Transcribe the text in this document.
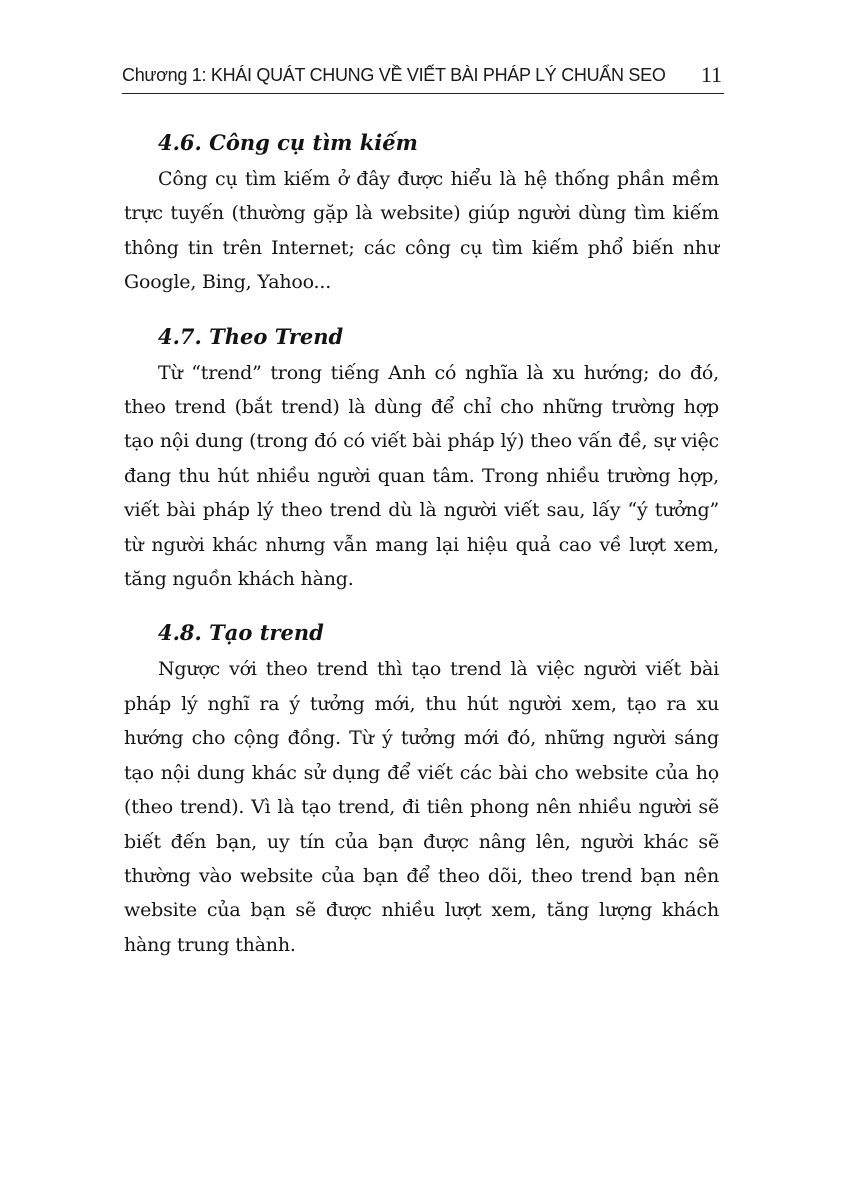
Chương 1: KHÁI QUÁT CHUNG VỀ VIẾT BÀI PHÁP LÝ CHUẨN SEO 11
4.6. Công cụ tìm kiếm

Công cụ tìm kiếm ở đây được hiểu là hệ thống phần mềm trực tuyến (thường gặp là website) giúp người dùng tìm kiếm thông tin trên Internet; các công cụ tìm kiếm phổ biến như Google, Bing, Yahoo...

4.7. Theo Trend

Từ “trend” trong tiếng Anh có nghĩa là xu hướng; do đó, theo trend (bắt trend) là dùng để chỉ cho những trường hợp tạo nội dung (trong đó có viết bài pháp lý) theo vấn đề, sự việc đang thu hút nhiều người quan tâm. Trong nhiều trường hợp, viết bài pháp lý theo trend dù là người viết sau, lấy “ý tưởng” từ người khác nhưng vẫn mang lại hiệu quả cao về lượt xem, tăng nguồn khách hàng.

4.8. Tạo trend

Ngược với theo trend thì tạo trend là việc người viết bài pháp lý nghĩ ra ý tưởng mới, thu hút người xem, tạo ra xu hướng cho cộng đồng. Từ ý tưởng mới đó, những người sáng tạo nội dung khác sử dụng để viết các bài cho website của họ (theo trend). Vì là tạo trend, đi tiên phong nên nhiều người sẽ biết đến bạn, uy tín của bạn được nâng lên, người khác sẽ thường vào website của bạn để theo dõi, theo trend bạn nên website của bạn sẽ được nhiều lượt xem, tăng lượng khách hàng trung thành.
